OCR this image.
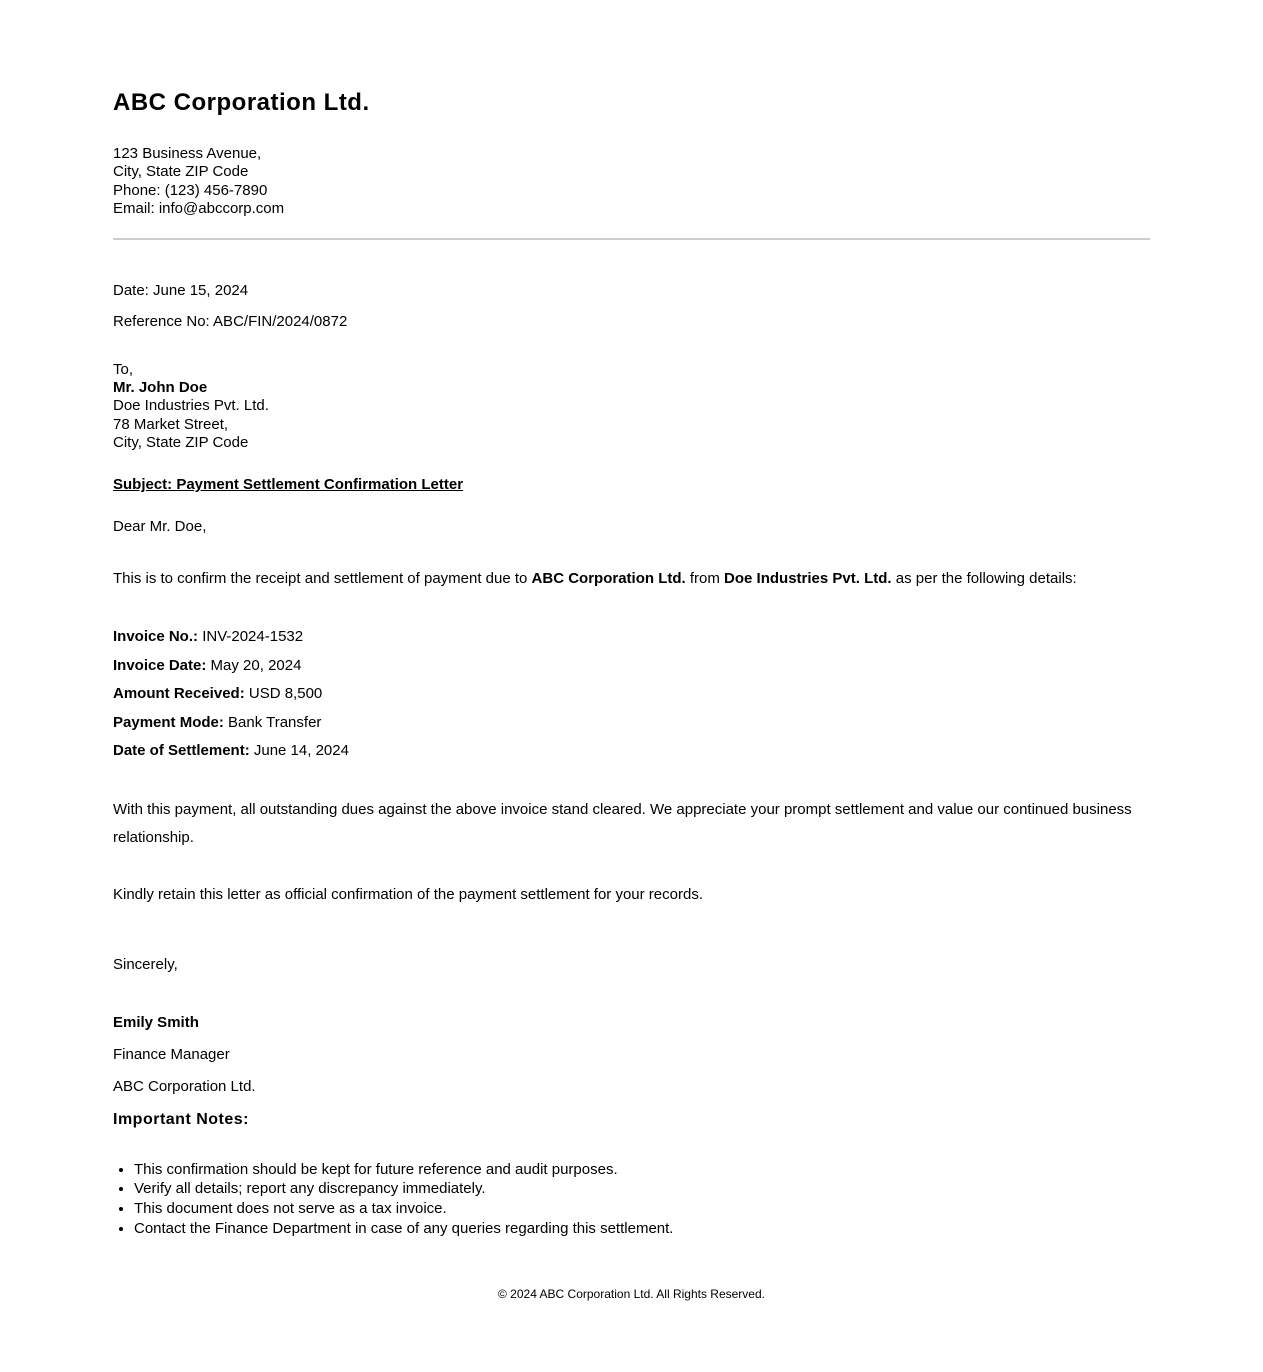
ABC Corporation Ltd.

123 Business Avenue,
City, State ZIP Code
Phone: (123) 456-7890
Email: info@abccorp.com

Date: June 15, 2024

Reference No: ABC/FIN/2024/0872

To,
Mr. John Doe
Doe Industries Pvt. Ltd.
78 Market Street,
City, State ZIP Code

Subject: Payment Settlement Confirmation Letter

Dear Mr. Doe,

This is to confirm the receipt and settlement of payment due to ABC Corporation Ltd. from Doe Industries Pvt. Ltd. as per the following details:

Invoice No.: INV-2024-1532

Invoice Date: May 20, 2024

Amount Received: USD 8,500

Payment Mode: Bank Transfer

Date of Settlement: June 14, 2024

With this payment, all outstanding dues against the above invoice stand cleared. We appreciate your prompt settlement and value our continued business relationship.

Kindly retain this letter as official confirmation of the payment settlement for your records.

Sincerely,

Emily Smith

Finance Manager

ABC Corporation Ltd.

Important Notes:

• This confirmation should be kept for future reference and audit purposes.
• Verify all details; report any discrepancy immediately.
• This document does not serve as a tax invoice.
• Contact the Finance Department in case of any queries regarding this settlement.
© 2024 ABC Corporation Ltd. All Rights Reserved.
